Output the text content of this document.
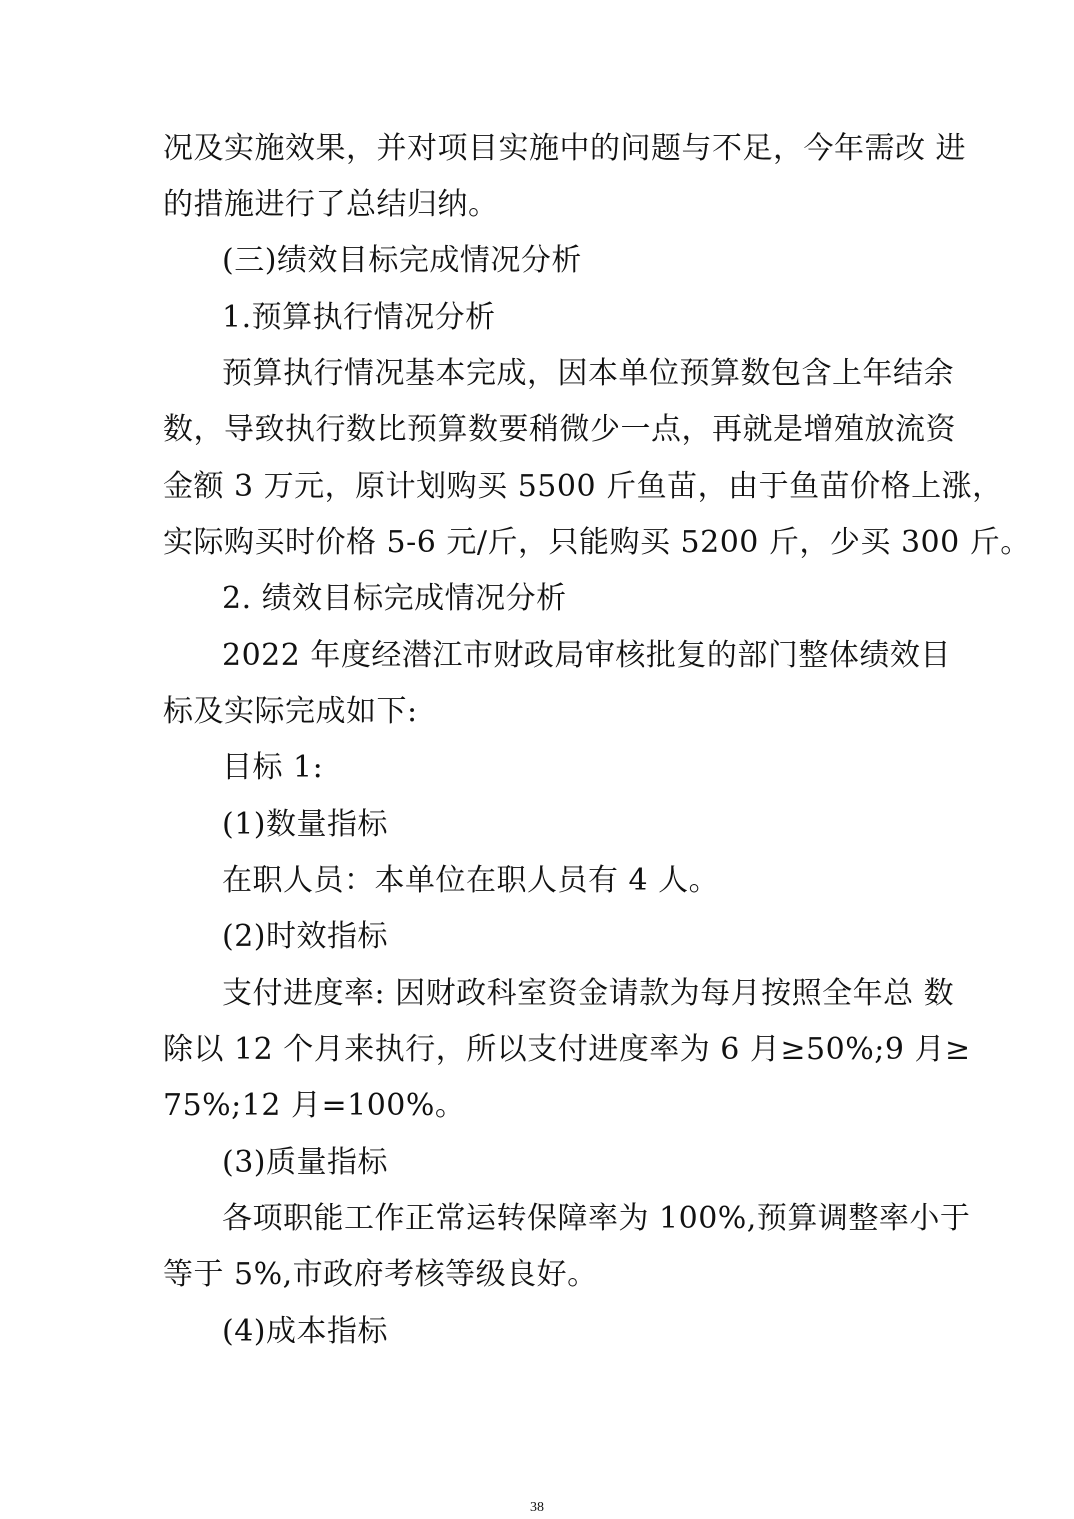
况及实施效果，并对项目实施中的问题与不足，今年需改 进
的措施进行了总结归纳。
(三)绩效目标完成情况分析
1.预算执行情况分析
预算执行情况基本完成，因本单位预算数包含上年结余
数，导致执行数比预算数要稍微少一点，再就是增殖放流资
金额 3 万元，原计划购买 5500 斤鱼苗，由于鱼苗价格上涨，
实际购买时价格 5-6 元/斤，只能购买 5200 斤，少买 300 斤。
2. 绩效目标完成情况分析
2022 年度经潜江市财政局审核批复的部门整体绩效目
标及实际完成如下:
目标 1:
(1)数量指标
在职人员：本单位在职人员有 4 人。
(2)时效指标
支付进度率: 因财政科室资金请款为每月按照全年总 数
除以 12 个月来执行，所以支付进度率为 6 月≥50%;9 月≥
75%;12 月=100%。
(3)质量指标
各项职能工作正常运转保障率为 100%,预算调整率小于
等于 5%,市政府考核等级良好。
(4)成本指标
38
